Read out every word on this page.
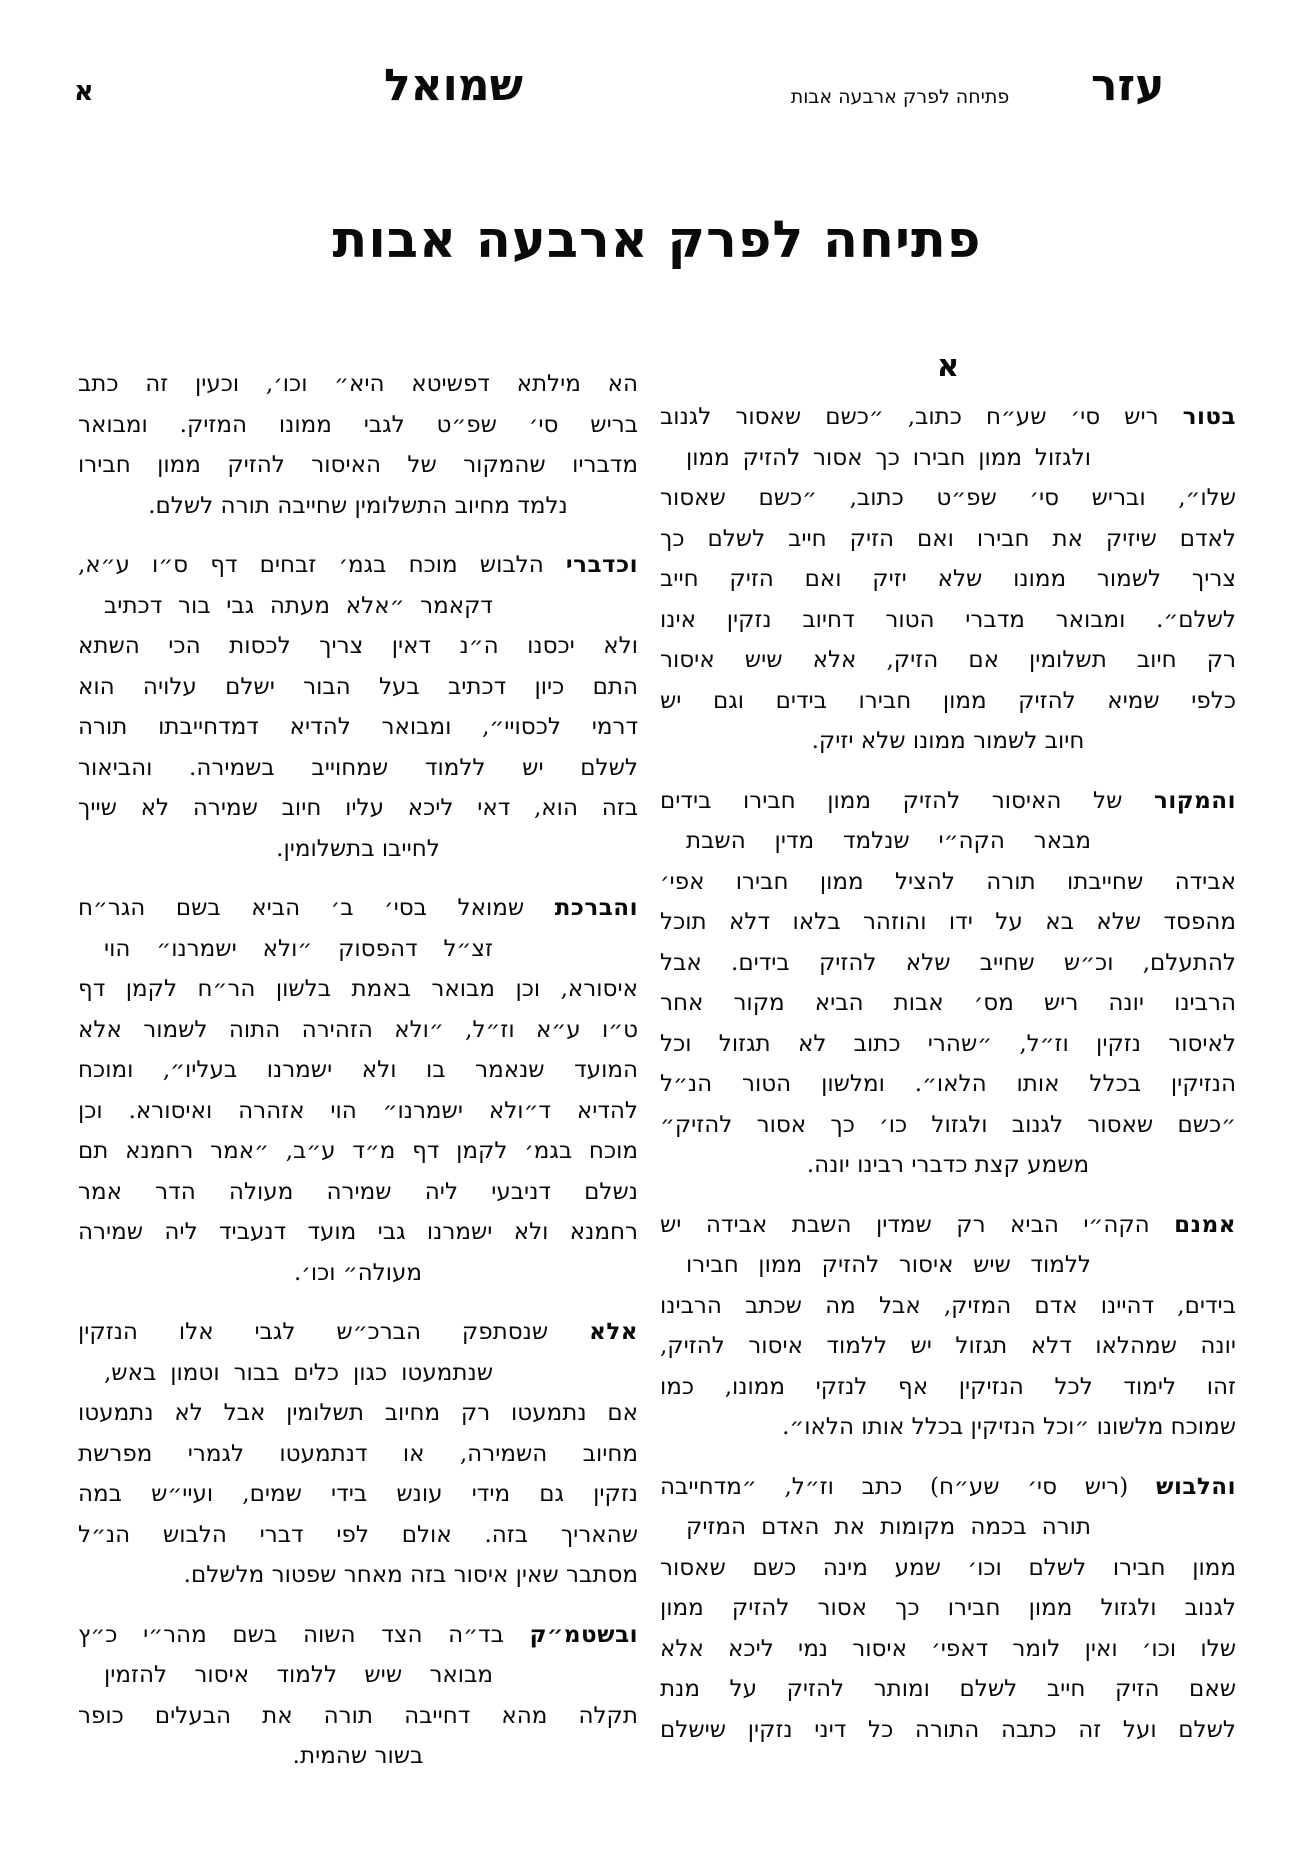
עזר
פתיחה לפרק ארבעה אבות
שמואל
א
פתיחה לפרק ארבעה אבות
א
בטור ריש סי׳ שע״ח כתוב, ״כשם שאסור לגנוב
ולגזול ממון חבירו כך אסור להזיק ממון
שלו״, ובריש סי׳ שפ״ט כתוב, ״כשם שאסור
לאדם שיזיק את חבירו ואם הזיק חייב לשלם כך
צריך לשמור ממונו שלא יזיק ואם הזיק חייב
לשלם״. ומבואר מדברי הטור דחיוב נזקין אינו
רק חיוב תשלומין אם הזיק, אלא שיש איסור
כלפי שמיא להזיק ממון חבירו בידים וגם יש
חיוב לשמור ממונו שלא יזיק.
והמקור של האיסור להזיק ממון חבירו בידים
מבאר הקה״י שנלמד מדין השבת
אבידה שחייבתו תורה להציל ממון חבירו אפי׳
מהפסד שלא בא על ידו והוזהר בלאו דלא תוכל
להתעלם, וכ״ש שחייב שלא להזיק בידים. אבל
הרבינו יונה ריש מס׳ אבות הביא מקור אחר
לאיסור נזקין וז״ל, ״שהרי כתוב לא תגזול וכל
הנזיקין בכלל אותו הלאו״. ומלשון הטור הנ״ל
״כשם שאסור לגנוב ולגזול כו׳ כך אסור להזיק״
משמע קצת כדברי רבינו יונה.
אמנם הקה״י הביא רק שמדין השבת אבידה יש
ללמוד שיש איסור להזיק ממון חבירו
בידים, דהיינו אדם המזיק, אבל מה שכתב הרבינו
יונה שמהלאו דלא תגזול יש ללמוד איסור להזיק,
זהו לימוד לכל הנזיקין אף לנזקי ממונו, כמו
שמוכח מלשונו ״וכל הנזיקין בכלל אותו הלאו״.
והלבוש (ריש סי׳ שע״ח) כתב וז״ל, ״מדחייבה
תורה בכמה מקומות את האדם המזיק
ממון חבירו לשלם וכו׳ שמע מינה כשם שאסור
לגנוב ולגזול ממון חבירו כך אסור להזיק ממון
שלו וכו׳ ואין לומר דאפי׳ איסור נמי ליכא אלא
שאם הזיק חייב לשלם ומותר להזיק על מנת
לשלם ועל זה כתבה התורה כל דיני נזקין שישלם
הא מילתא דפשיטא היא״ וכו׳, וכעין זה כתב
בריש סי׳ שפ״ט לגבי ממונו המזיק. ומבואר
מדבריו שהמקור של האיסור להזיק ממון חבירו
נלמד מחיוב התשלומין שחייבה תורה לשלם.
וכדברי הלבוש מוכח בגמ׳ זבחים דף ס״ו ע״א,
דקאמר ״אלא מעתה גבי בור דכתיב
ולא יכסנו ה״נ דאין צריך לכסות הכי השתא
התם כיון דכתיב בעל הבור ישלם עלויה הוא
דרמי לכסויי״, ומבואר להדיא דמדחייבתו תורה
לשלם יש ללמוד שמחוייב בשמירה. והביאור
בזה הוא, דאי ליכא עליו חיוב שמירה לא שייך
לחייבו בתשלומין.
והברכת שמואל בסי׳ ב׳ הביא בשם הגר״ח
זצ״ל דהפסוק ״ולא ישמרנו״ הוי
איסורא, וכן מבואר באמת בלשון הר״ח לקמן דף
ט״ו ע״א וז״ל, ״ולא הזהירה התוה לשמור אלא
המועד שנאמר בו ולא ישמרנו בעליו״, ומוכח
להדיא ד״ולא ישמרנו״ הוי אזהרה ואיסורא. וכן
מוכח בגמ׳ לקמן דף מ״ד ע״ב, ״אמר רחמנא תם
נשלם דניבעי ליה שמירה מעולה הדר אמר
רחמנא ולא ישמרנו גבי מועד דנעביד ליה שמירה
מעולה״ וכו׳.
אלא שנסתפק הברכ״ש לגבי אלו הנזקין
שנתמעטו כגון כלים בבור וטמון באש,
אם נתמעטו רק מחיוב תשלומין אבל לא נתמעטו
מחיוב השמירה, או דנתמעטו לגמרי מפרשת
נזקין גם מידי עונש בידי שמים, ועיי״ש במה
שהאריך בזה. אולם לפי דברי הלבוש הנ״ל
מסתבר שאין איסור בזה מאחר שפטור מלשלם.
ובשטמ״ק בד״ה הצד השוה בשם מהר״י כ״ץ
מבואר שיש ללמוד איסור להזמין
תקלה מהא דחייבה תורה את הבעלים כופר
בשור שהמית.
